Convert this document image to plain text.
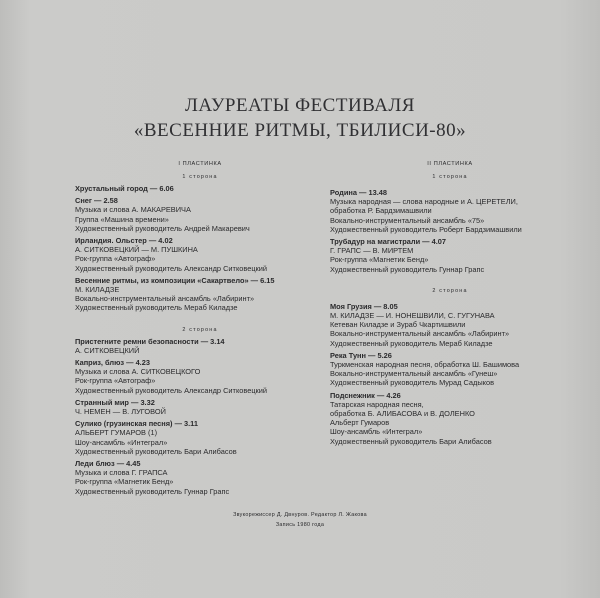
ЛАУРЕАТЫ ФЕСТИВАЛЯ
«ВЕСЕННИЕ РИТМЫ, ТБИЛИСИ-80»
I ПЛАСТИНКА
1 сторона
Хрустальный город — 6.06
Снег — 2.58
Музыка и слова А. МАКАРЕВИЧА
Группа «Машина времени»
Художественный руководитель Андрей Макаревич
Ирландия. Ольстер — 4.02
А. СИТКОВЕЦКИЙ — М. ПУШКИНА
Рок-группа «Автограф»
Художественный руководитель Александр Ситковецкий
Весенние ритмы, из композиции «Сакартвело» — 6.15
М. КИЛАДЗЕ
Вокально-инструментальный ансамбль «Лабиринт»
Художественный руководитель Мераб Киладзе
2 сторона
Пристегните ремни безопасности — 3.14
А. СИТКОВЕЦКИЙ
Каприз, блюз — 4.23
Музыка и слова А. СИТКОВЕЦКОГО
Рок-группа «Автограф»
Художественный руководитель Александр Ситковецкий
Странный мир — 3.32
Ч. НЕМЕН — В. ЛУГОВОЙ
Сулико (грузинская песня) — 3.11
АЛЬБЕРТ ГУМАРОВ (1)
Шоу-ансамбль «Интеграл»
Художественный руководитель Бари Алибасов
Леди блюз — 4.45
Музыка и слова Г. ГРАПСА
Рок-группа «Магнетик Бенд»
Художественный руководитель Гуннар Грапс
II ПЛАСТИНКА
1 сторона
Родина — 13.48
Музыка народная — слова народные и А. ЦЕРЕТЕЛИ,
обработка Р. Бардзимашвили
Вокально-инструментальный ансамбль «75»
Художественный руководитель Роберт Бардзимашвили
Трубадур на магистрали — 4.07
Г. ГРАПС — В. МИРТЕМ
Рок-группа «Магнетик Бенд»
Художественный руководитель Гуннар Грапс
2 сторона
Моя Грузия — 8.05
М. КИЛАДЗЕ — И. НОНЕШВИЛИ, С. ГУГУНАВА
Кетеван Киладзе и Зураб Чкартишвили
Вокально-инструментальный ансамбль «Лабиринт»
Художественный руководитель Мераб Киладзе
Река Тунн — 5.26
Туркменская народная песня, обработка Ш. Башимова
Вокально-инструментальный ансамбль «Гунеш»
Художественный руководитель Мурад Садыков
Подснежник — 4.26
Татарская народная песня,
обработка Б. АЛИБАСОВА и В. ДОЛЕНКО
Альберт Гумаров
Шоу-ансамбль «Интеграл»
Художественный руководитель Бари Алибасов
Звукорежиссер Д. Двнуров. Редактор Л. Жакова
Запись 1980 года
